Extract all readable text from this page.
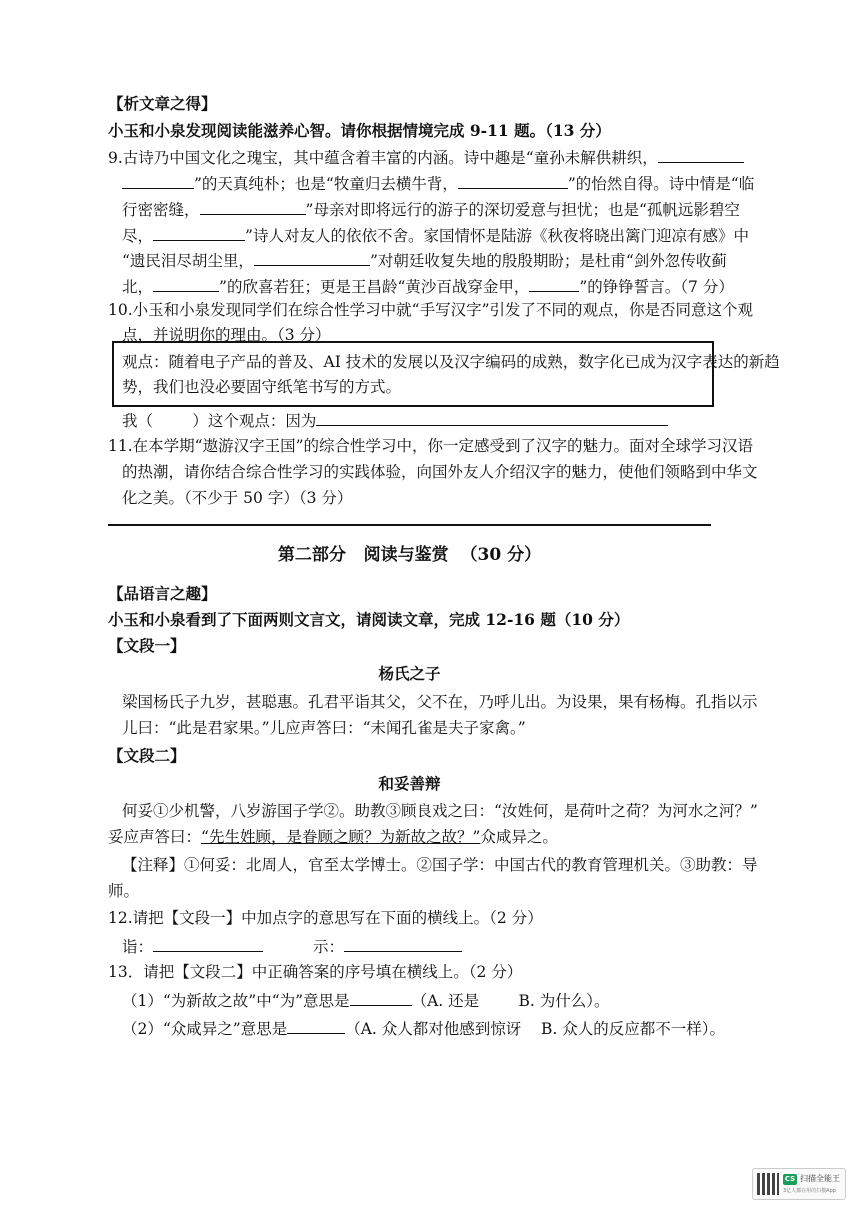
【析文章之得】
小玉和小泉发现阅读能滋养心智。请你根据情境完成 9-11 题。（13 分）
9.古诗乃中国文化之瑰宝，其中蕴含着丰富的内涵。诗中趣是“童孙未解供耕织，
”的天真纯朴；也是“牧童归去横牛背，	”的怡然自得。诗中情是“临
行密密缝，	”母亲对即将远行的游子的深切爱意与担忧；也是“孤帆远影碧空
尽，	”诗人对友人的依依不舍。家国情怀是陆游《秋夜将晓出篱门迎凉有感》中
“遗民泪尽胡尘里，	”对朝廷收复失地的殷殷期盼；是杜甫“剑外忽传收蓟
北，	”的欣喜若狂；更是王昌龄“黄沙百战穿金甲，	”的铮铮誓言。（7 分）
10.小玉和小泉发现同学们在综合性学习中就“手写汉字”引发了不同的观点，你是否同意这个观
点，并说明你的理由。（3 分）
观点：随着电子产品的普及、AI 技术的发展以及汉字编码的成熟，数字化已成为汉字表达的新趋
势，我们也没必要固守纸笔书写的方式。
我（        ）这个观点：因为
11.在本学期“遨游汉字王国”的综合性学习中，你一定感受到了汉字的魅力。面对全球学习汉语
的热潮，请你结合综合性学习的实践体验，向国外友人介绍汉字的魅力，使他们领略到中华文
化之美。（不少于 50 字）（3 分）
第二部分   阅读与鉴赏  （30 分）
【品语言之趣】
小玉和小泉看到了下面两则文言文，请阅读文章，完成 12-16 题（10 分）
【文段一】
杨氏之子
梁国杨氏子九岁，甚聪惠。孔君平诣其父，父不在，乃呼儿出。为设果，果有杨梅。孔指以示
儿曰：“此是君家果。”儿应声答曰：“未闻孔雀是夫子家禽。”
【文段二】
和妥善辩
何妥①少机警，八岁游国子学②。助教③顾良戏之曰：“汝姓何，是荷叶之荷？为河水之河？”
妥应声答曰：“先生姓顾，是眷顾之顾？为新故之故？”众咸异之。
【注释】①何妥：北周人，官至太学博士。②国子学：中国古代的教育管理机关。③助教：导
师。
12.请把【文段一】中加点字的意思写在下面的横线上。（2 分）
诣：	示：
13．请把【文段二】中正确答案的序号填在横线上。（2 分）
（1）“为新故之故”中“为”意思是	（A. 还是        B. 为什么）。
（2）“众咸异之”意思是	（A. 众人都对他感到惊讶    B. 众人的反应都不一样）。
CS 扫描全能王
3亿人都在用的扫描App
